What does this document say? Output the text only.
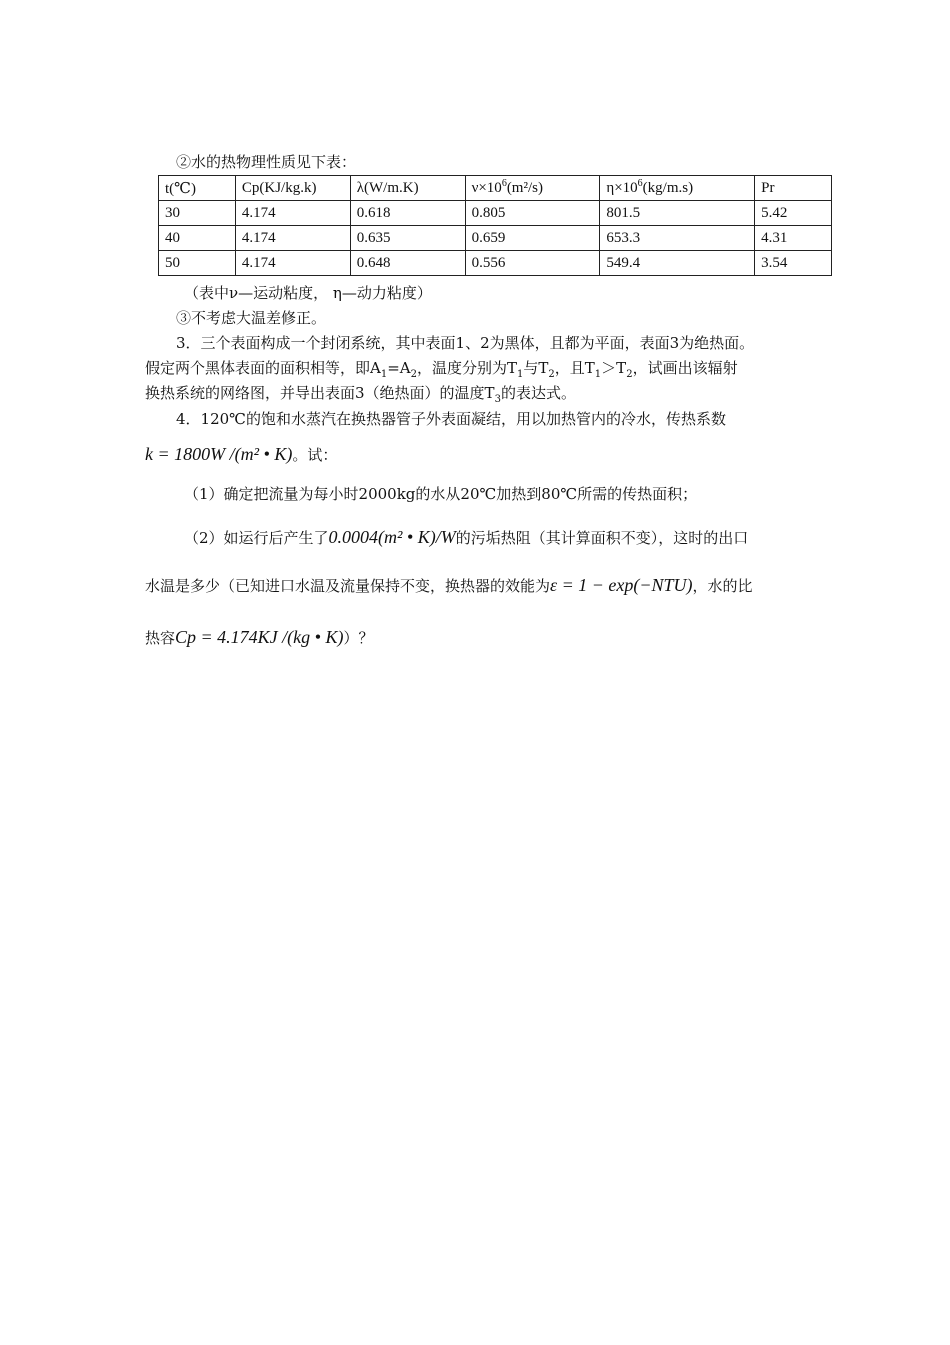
②水的热物理性质见下表：
t(℃)	Cp(KJ/kg.k)	λ(W/m.K)	$\nu\times 10^6(m^2/s)$	$\eta\times 10^6(kg/m.s)$	Pr
30	4.174	0.618	0.805	801.5	5.42
40	4.174	0.635	0.659	653.3	4.31
50	4.174	0.648	0.556	549.4	3.54
（表中ν—运动粘度， η—动力粘度）
③不考虑大温差修正。
3．三个表面构成一个封闭系统，其中表面1、2为黑体，且都为平面，表面3为绝热面。
假定两个黑体表面的面积相等，即$A_1=A_2$，温度分别为$T_1$与$T_2$，且$T_1>T_2$，试画出该辐射
换热系统的网络图，并导出表面3（绝热面）的温度$T_3$的表达式。
4．120℃的饱和水蒸汽在换热器管子外表面凝结，用以加热管内的冷水，传热系数
k = 1800W /(m² • K)。试：
（1）确定把流量为每小时2000kg的水从20℃加热到80℃所需的传热面积；
（2）如运行后产生了0.0004(m² • K)/W的污垢热阻（其计算面积不变），这时的出口
水温是多少（已知进口水温及流量保持不变，换热器的效能为ε = 1 − exp(−NTU)，水的比
热容Cp = 4.174KJ /(kg • K)）？
